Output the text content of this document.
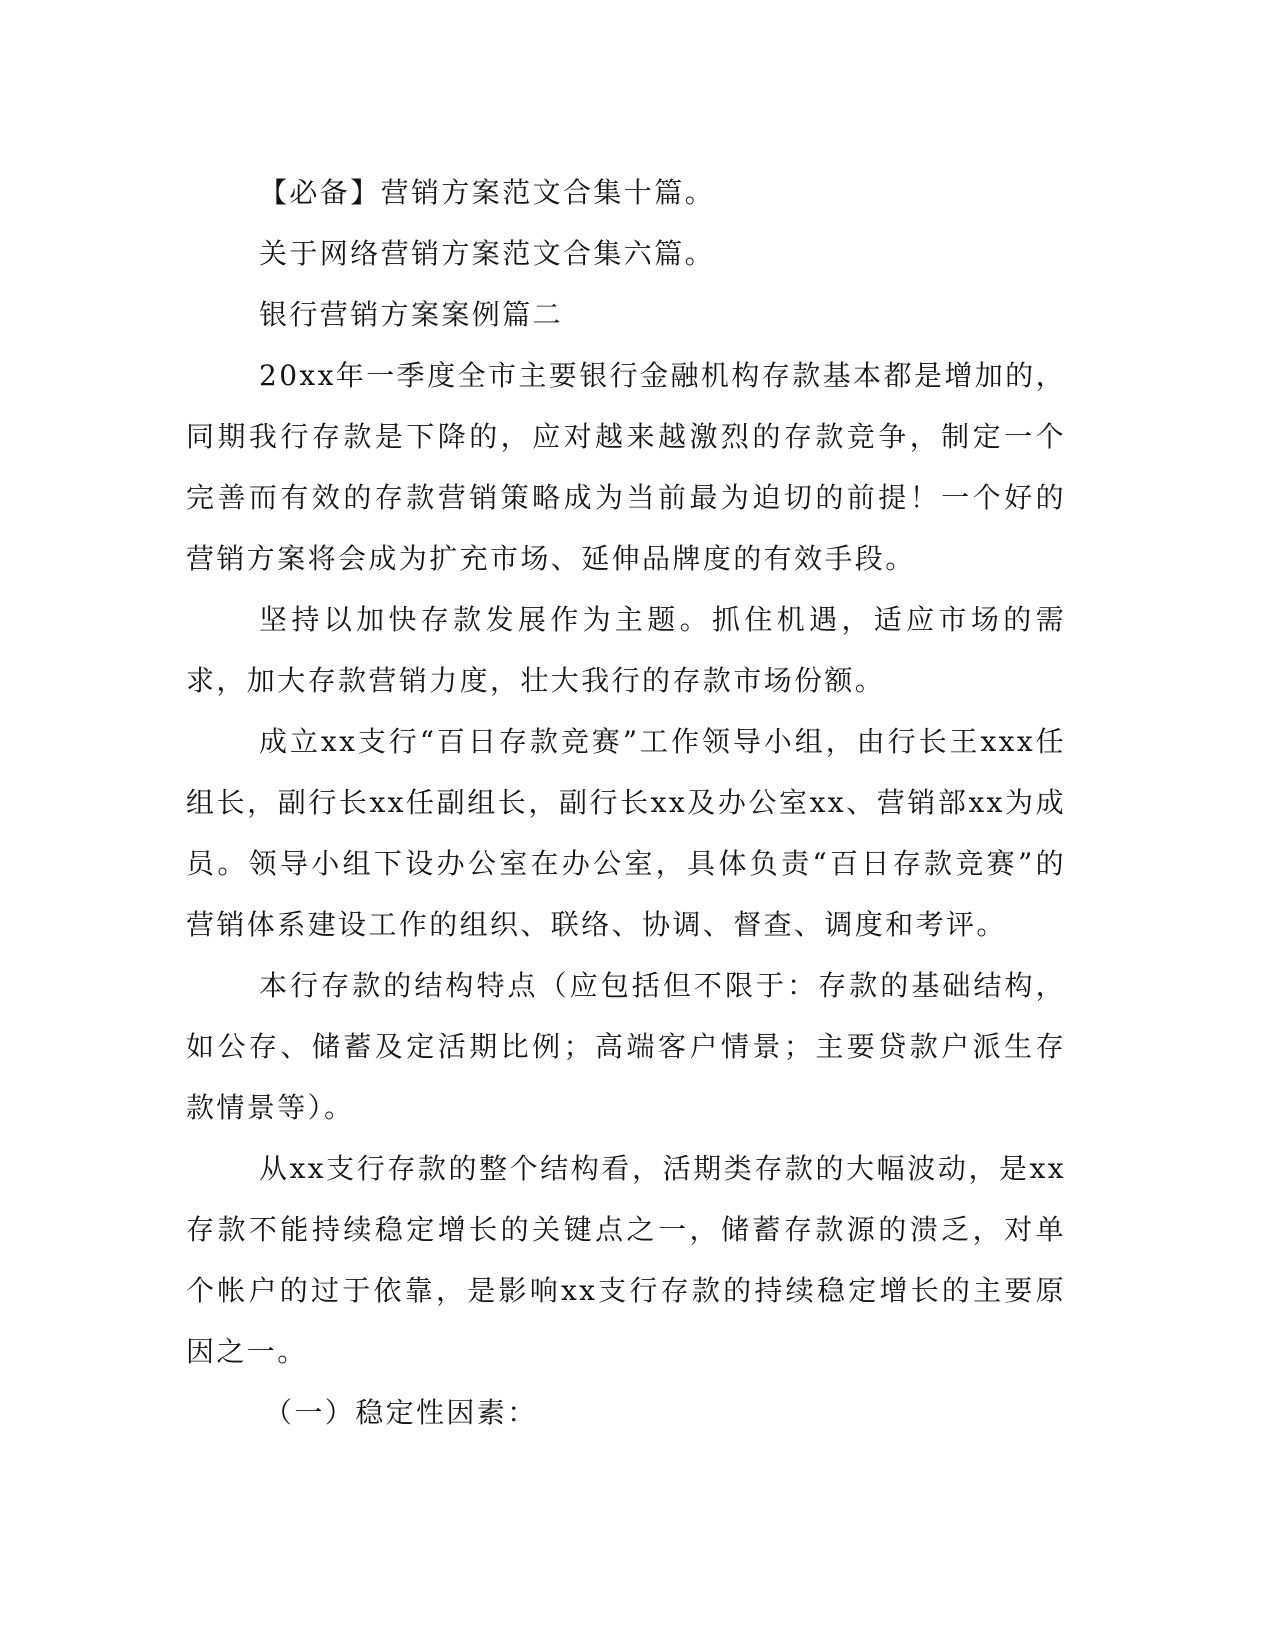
【必备】营销方案范文合集十篇。

关于网络营销方案范文合集六篇。

银行营销方案案例篇二

20xx年一季度全市主要银行金融机构存款基本都是增加的，同期我行存款是下降的，应对越来越激烈的存款竞争，制定一个完善而有效的存款营销策略成为当前最为迫切的前提！一个好的营销方案将会成为扩充市场、延伸品牌度的有效手段。

坚持以加快存款发展作为主题。抓住机遇，适应市场的需求，加大存款营销力度，壮大我行的存款市场份额。

成立xx支行“百日存款竞赛”工作领导小组，由行长王xxx任组长，副行长xx任副组长，副行长xx及办公室xx、营销部xx为成员。领导小组下设办公室在办公室，具体负责“百日存款竞赛”的营销体系建设工作的组织、联络、协调、督查、调度和考评。

本行存款的结构特点（应包括但不限于：存款的基础结构，如公存、储蓄及定活期比例；高端客户情景；主要贷款户派生存款情景等）。

从xx支行存款的整个结构看，活期类存款的大幅波动，是xx存款不能持续稳定增长的关键点之一，储蓄存款源的溃乏，对单个帐户的过于依靠，是影响xx支行存款的持续稳定增长的主要原因之一。

（一）稳定性因素：
